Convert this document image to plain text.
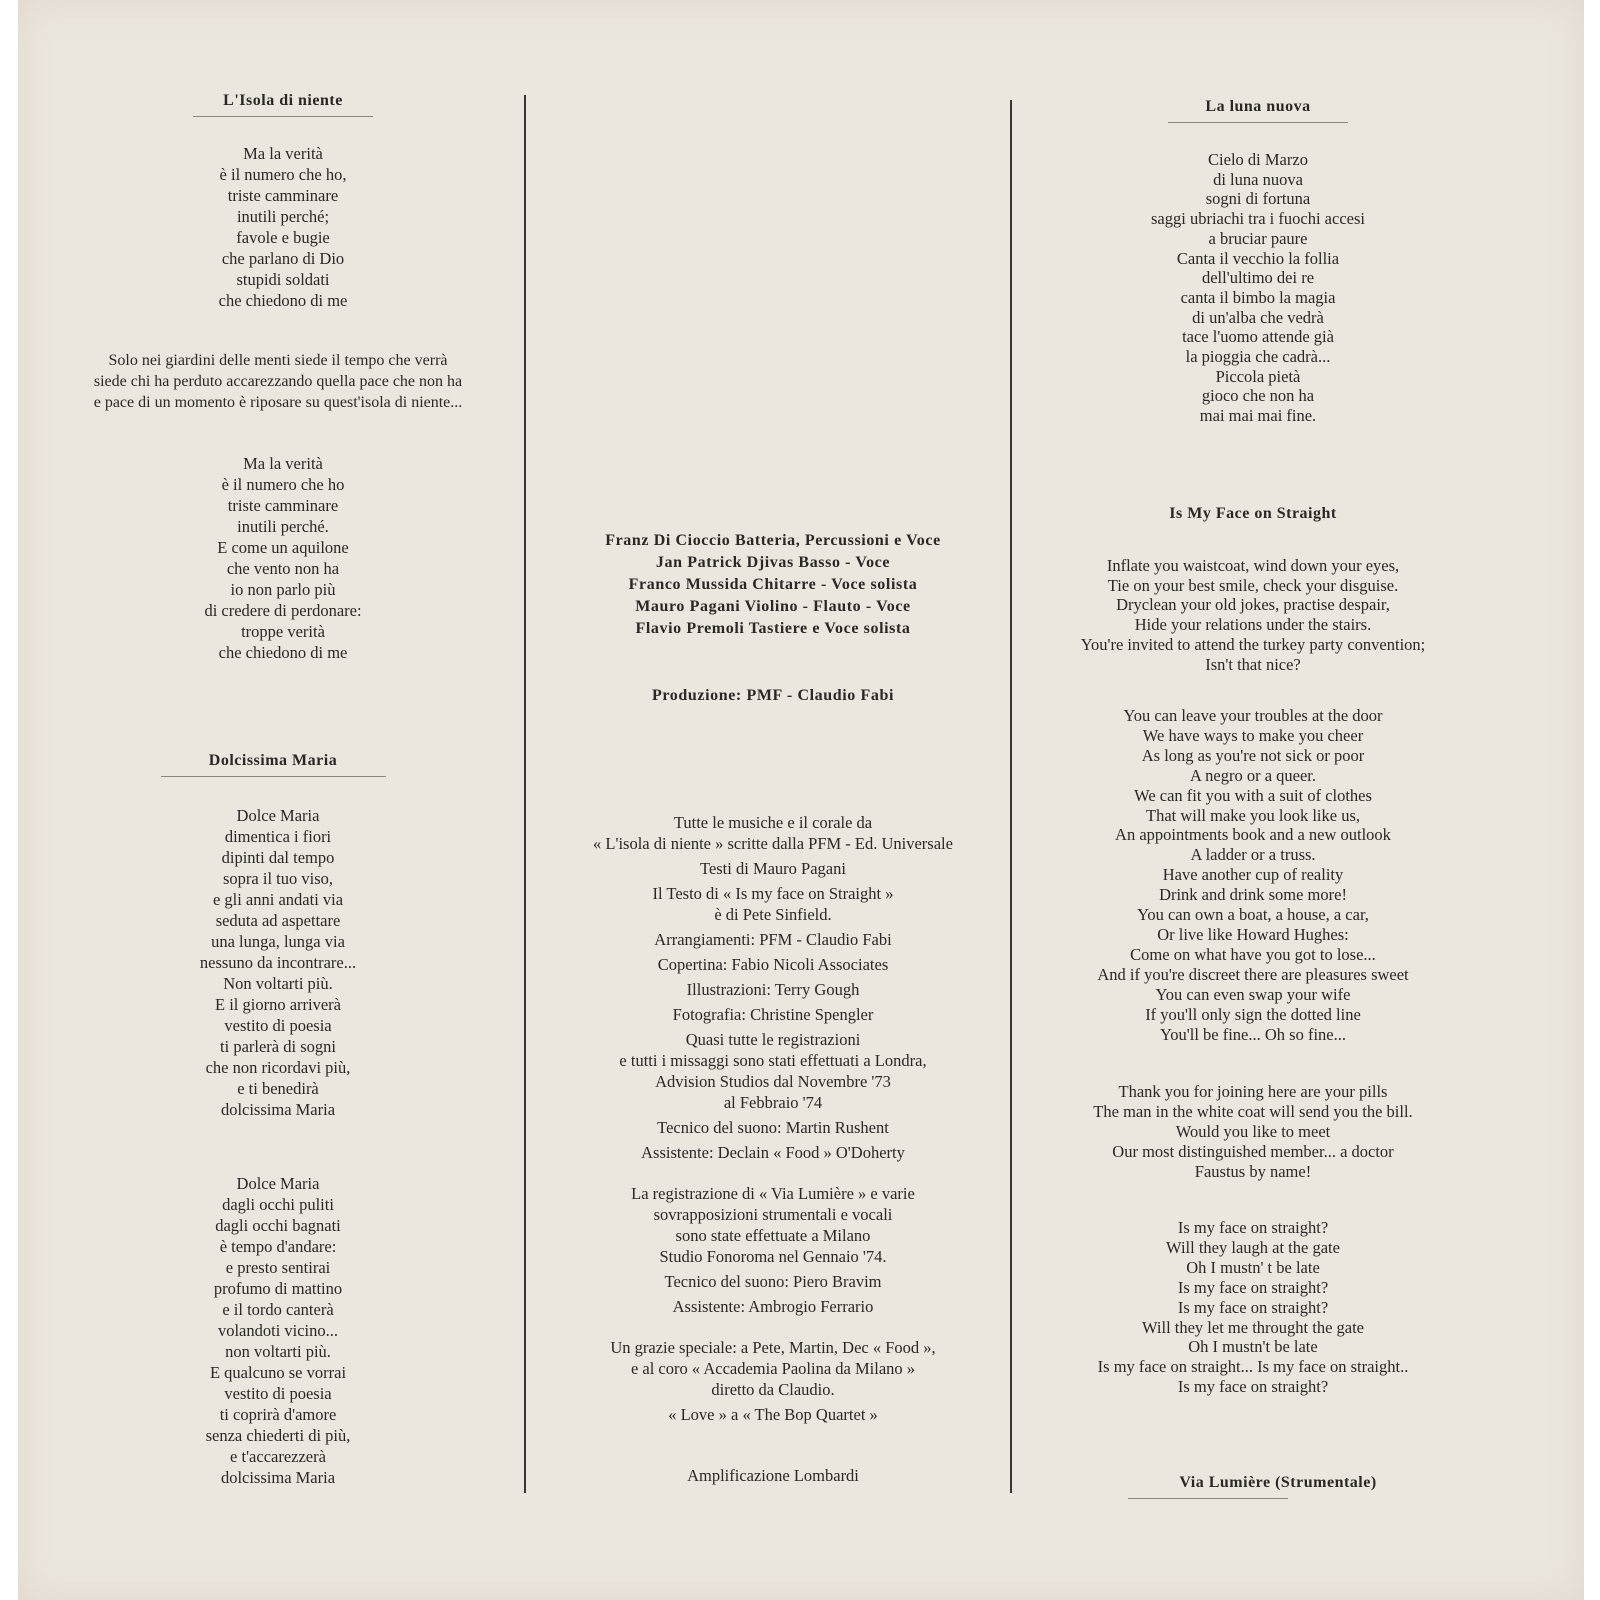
L'Isola di niente

Ma la verità
è il numero che ho,
triste camminare
inutili perché;
favole e bugie
che parlano di Dio
stupidi soldati
che chiedono di me

Solo nei giardini delle menti siede il tempo che verrà
siede chi ha perduto accarezzando quella pace che non ha
e pace di un momento è riposare su quest'isola di niente...

Ma la verità
è il numero che ho
triste camminare
inutili perché.
E come un aquilone
che vento non ha
io non parlo più
di credere di perdonare:
troppe verità
che chiedono di me

Dolcissima Maria

Dolce Maria
dimentica i fiori
dipinti dal tempo
sopra il tuo viso,
e gli anni andati via
seduta ad aspettare
una lunga, lunga via
nessuno da incontrare...
Non voltarti più.
E il giorno arriverà
vestito di poesia
ti parlerà di sogni
che non ricordavi più,
e ti benedirà
dolcissima Maria

Dolce Maria
dagli occhi puliti
dagli occhi bagnati
è tempo d'andare:
e presto sentirai
profumo di mattino
e il tordo canterà
volandoti vicino...
non voltarti più.
E qualcuno se vorrai
vestito di poesia
ti coprirà d'amore
senza chiederti di più,
e t'accarezzerà
dolcissima Maria

Franz Di Cioccio Batteria, Percussioni e Voce
Jan Patrick Djivas Basso - Voce
Franco Mussida Chitarre - Voce solista
Mauro Pagani Violino - Flauto - Voce
Flavio Premoli Tastiere e Voce solista
Produzione: PMF - Claudio Fabi

Tutte le musiche e il corale da
« L'isola di niente » scritte dalla PFM - Ed. Universale

Testi di Mauro Pagani

Il Testo di « Is my face on Straight »
è di Pete Sinfield.

Arrangiamenti: PFM - Claudio Fabi

Copertina: Fabio Nicoli Associates

Illustrazioni: Terry Gough

Fotografia: Christine Spengler

Quasi tutte le registrazioni
e tutti i missaggi sono stati effettuati a Londra,
Advision Studios dal Novembre '73
al Febbraio '74

Tecnico del suono: Martin Rushent

Assistente: Declain « Food » O'Doherty

La registrazione di « Via Lumière » e varie
sovrapposizioni strumentali e vocali
sono state effettuate a Milano
Studio Fonoroma nel Gennaio '74.

Tecnico del suono: Piero Bravim

Assistente: Ambrogio Ferrario

Un grazie speciale: a Pete, Martin, Dec « Food »,
e al coro « Accademia Paolina da Milano »
diretto da Claudio.

« Love » a « The Bop Quartet »

Amplificazione Lombardi

La luna nuova

Cielo di Marzo
di luna nuova
sogni di fortuna
saggi ubriachi tra i fuochi accesi
a bruciar paure
Canta il vecchio la follia
dell'ultimo dei re
canta il bimbo la magia
di un'alba che vedrà
tace l'uomo attende già
la pioggia che cadrà...
Piccola pietà
gioco che non ha
mai mai mai fine.

Is My Face on Straight

Inflate you waistcoat, wind down your eyes,
Tie on your best smile, check your disguise.
Dryclean your old jokes, practise despair,
Hide your relations under the stairs.
You're invited to attend the turkey party convention;
Isn't that nice?

You can leave your troubles at the door
We have ways to make you cheer
As long as you're not sick or poor
A negro or a queer.
We can fit you with a suit of clothes
That will make you look like us,
An appointments book and a new outlook
A ladder or a truss.
Have another cup of reality
Drink and drink some more!
You can own a boat, a house, a car,
Or live like Howard Hughes:
Come on what have you got to lose...
And if you're discreet there are pleasures sweet
You can even swap your wife
If you'll only sign the dotted line
You'll be fine... Oh so fine...

Thank you for joining here are your pills
The man in the white coat will send you the bill.
Would you like to meet
Our most distinguished member... a doctor
Faustus by name!

Is my face on straight?
Will they laugh at the gate
Oh I mustn' t be late
Is my face on straight?
Is my face on straight?
Will they let me throught the gate
Oh I mustn't be late
Is my face on straight... Is my face on straight..
Is my face on straight?

Via Lumière (Strumentale)
